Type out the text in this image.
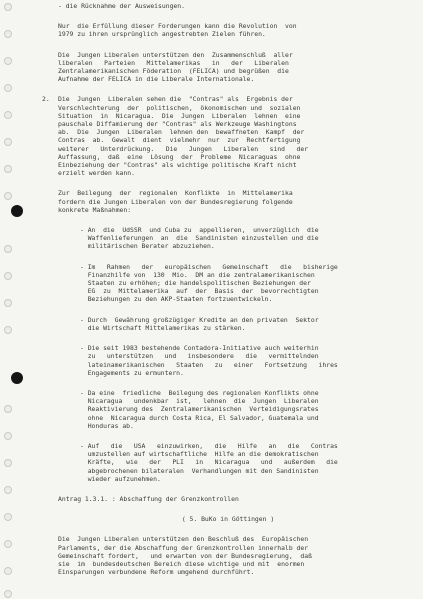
- die Rücknahme der Ausweisungen.

Nur  die Erfüllung dieser Forderungen kann die Revolution  von

1979 zu ihren ursprünglich angestrebten Zielen führen.

Die  Jungen Liberalen unterstützen den  Zusammenschluß  aller

liberalen   Parteien   Mittelamerikas   in   der   Liberalen

Zentralamerikanischen Föderation  (FELICA) und begrüßen  die

Aufnahme der FELICA in die Liberale Internationale.

2. Die  Jungen  Liberalen sehen die  "Contras" als  Ergebnis der

Verschlechterung  der  politischen,  ökonomischen und  sozialen

Situation  in  Nicaragua.  Die  Jungen  Liberalen  lehnen  eine

pauschale Diffamierung der "Contras" als Werkzeuge Washingtons

ab.  Die  Jungen  Liberalen  lehnen den  bewaffneten  Kampf  der

Contras  ab.  Gewalt  dient  vielmehr  nur  zur  Rechtfertigung

weiterer   Unterdrückung.   Die   Jungen   Liberalen   sind   der

Auffassung,  daß  eine  Lösung  der  Probleme  Nicaraguas  ohne

Einbeziehung der "Contras" als wichtige politische Kraft nicht

erzielt werden kann.

Zur  Beilegung  der  regionalen  Konflikte  in  Mittelamerika

fordern die Jungen Liberalen von der Bundesregierung folgende

konkrete Maßnahmen:

- An  die  UdSSR  und Cuba zu  appellieren,  unverzüglich  die

Waffenlieferungen  an  die  Sandinisten einzustellen und die

militärischen Berater abzuziehen.

- Im   Rahmen   der   europäischen   Gemeinschaft   die   bisherige

Finanzhilfe von  130  Mio.  DM an die zentralamerikanischen

Staaten zu erhöhen; die handelspolitischen Beziehungen der

EG  zu  Mittelamerika  auf  der  Basis  der  bevorrechtigten

Beziehungen zu den AKP-Staaten fortzuentwickeln.

- Durch  Gewährung großzügiger Kredite an den privaten  Sektor

die Wirtschaft Mittelamerikas zu stärken.

- Die seit 1983 bestehende Contadora-Initiative auch weiterhin

zu   unterstützen   und   insbesondere   die   vermittelnden

lateinamerikanischen   Staaten   zu   einer   Fortsetzung   ihres

Engagements zu ermuntern.

- Da eine  friedliche  Beilegung des regionalen Konflikts ohne

Nicaragua   undenkbar  ist,   lehnen  die  Jungen  Liberalen

Reaktivierung des  Zentralamerikanischen  Verteidigungsrates

ohne  Nicaragua durch Costa Rica, El Salvador, Guatemala und

Honduras ab.

- Auf   die   USA   einzuwirken,   die   Hilfe   an   die   Contras

umzustellen auf wirtschaftliche  Hilfe an die demokratischen

Kräfte,   wie   der   PLI   in   Nicaragua   und   außerdem   die

abgebrochenen bilateralen  Verhandlungen mit den Sandinisten

wieder aufzunehmen.

Antrag 1.3.1. : Abschaffung der Grenzkontrollen

( 5. BuKo in Göttingen )

Die  Jungen Liberalen unterstützen den Beschluß des  Europäischen

Parlaments, der die Abschaffung der Grenzkontrollen innerhalb der

Gemeinschaft fordert,   und erwarten von der Bundesregierung,  daß

sie  im  bundesdeutschen Bereich diese wichtige und mit  enormen

Einsparungen verbundene Reform umgehend durchführt.
